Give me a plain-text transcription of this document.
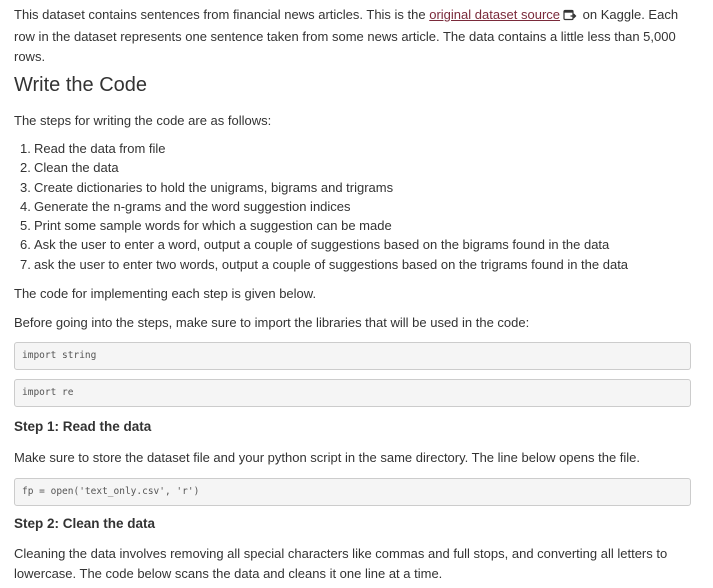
This dataset contains sentences from financial news articles. This is the original dataset source on Kaggle. Each row in the dataset represents one sentence taken from some news article. The data contains a little less than 5,000 rows.

Write the Code

The steps for writing the code are as follows:

1. Read the data from file
2. Clean the data
3. Create dictionaries to hold the unigrams, bigrams and trigrams
4. Generate the n-grams and the word suggestion indices
5. Print some sample words for which a suggestion can be made
6. Ask the user to enter a word, output a couple of suggestions based on the bigrams found in the data
7. ask the user to enter two words, output a couple of suggestions based on the trigrams found in the data

The code for implementing each step is given below.

Before going into the steps, make sure to import the libraries that will be used in the code:

import string
import re
Step 1: Read the data

Make sure to store the dataset file and your python script in the same directory. The line below opens the file.

fp = open('text_only.csv', 'r')
Step 2: Clean the data

Cleaning the data involves removing all special characters like commas and full stops, and converting all letters to lowercase. The code below scans the data and cleans it one line at a time.
